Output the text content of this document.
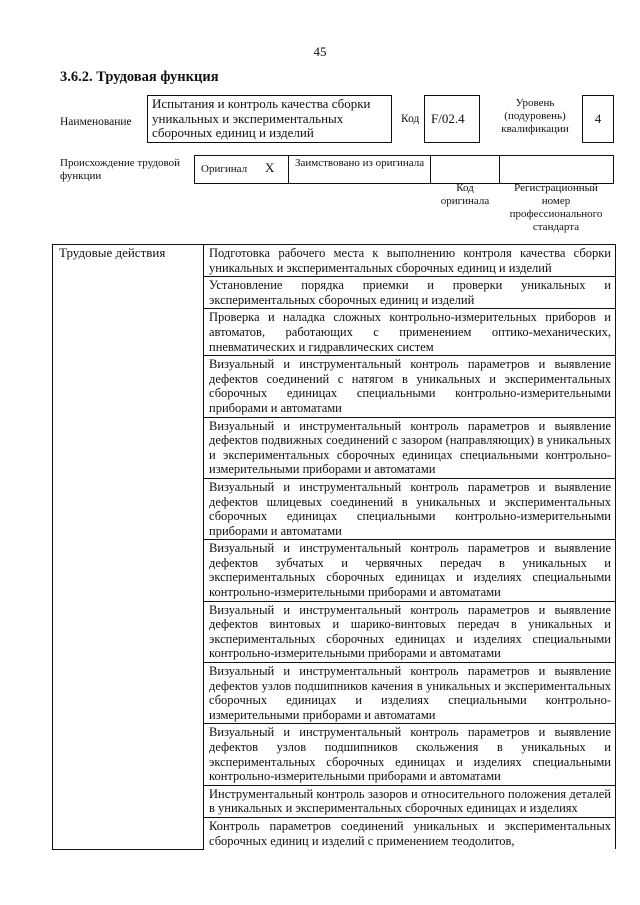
45
3.6.2. Трудовая функция
Наименование
Испытания и контроль качества сборки уникальных и экспериментальных сборочных единиц и изделий
Код F/02.4
Уровень (подуровень) квалификации
4
Происхождение трудовой функции
Оригинал X Заимствовано из оригинала
Код оригинала
Регистрационный номер профессионального стандарта
Трудовые действия	Подготовка рабочего места к выполнению контроля качества сборки уникальных и экспериментальных сборочных единиц и изделий
Установление порядка приемки и проверки уникальных и экспериментальных сборочных единиц и изделий
Проверка и наладка сложных контрольно-измерительных приборов и автоматов, работающих с применением оптико-механических, пневматических и гидравлических систем
Визуальный и инструментальный контроль параметров и выявление дефектов соединений с натягом в уникальных и экспериментальных сборочных единицах специальными контрольно-измерительными приборами и автоматами
Визуальный и инструментальный контроль параметров и выявление дефектов подвижных соединений с зазором (направляющих) в уникальных и экспериментальных сборочных единицах специальными контрольно-измерительными приборами и автоматами
Визуальный и инструментальный контроль параметров и выявление дефектов шлицевых соединений в уникальных и экспериментальных сборочных единицах специальными контрольно-измерительными приборами и автоматами
Визуальный и инструментальный контроль параметров и выявление дефектов зубчатых и червячных передач в уникальных и экспериментальных сборочных единицах и изделиях специальными контрольно-измерительными приборами и автоматами
Визуальный и инструментальный контроль параметров и выявление дефектов винтовых и шарико-винтовых передач в уникальных и экспериментальных сборочных единицах и изделиях специальными контрольно-измерительными приборами и автоматами
Визуальный и инструментальный контроль параметров и выявление дефектов узлов подшипников качения в уникальных и экспериментальных сборочных единицах и изделиях специальными контрольно-измерительными приборами и автоматами
Визуальный и инструментальный контроль параметров и выявление дефектов узлов подшипников скольжения в уникальных и экспериментальных сборочных единицах и изделиях специальными контрольно-измерительными приборами и автоматами
Инструментальный контроль зазоров и относительного положения деталей в уникальных и экспериментальных сборочных единицах и изделиях
Контроль параметров соединений уникальных и экспериментальных сборочных единиц и изделий с применением теодолитов,
